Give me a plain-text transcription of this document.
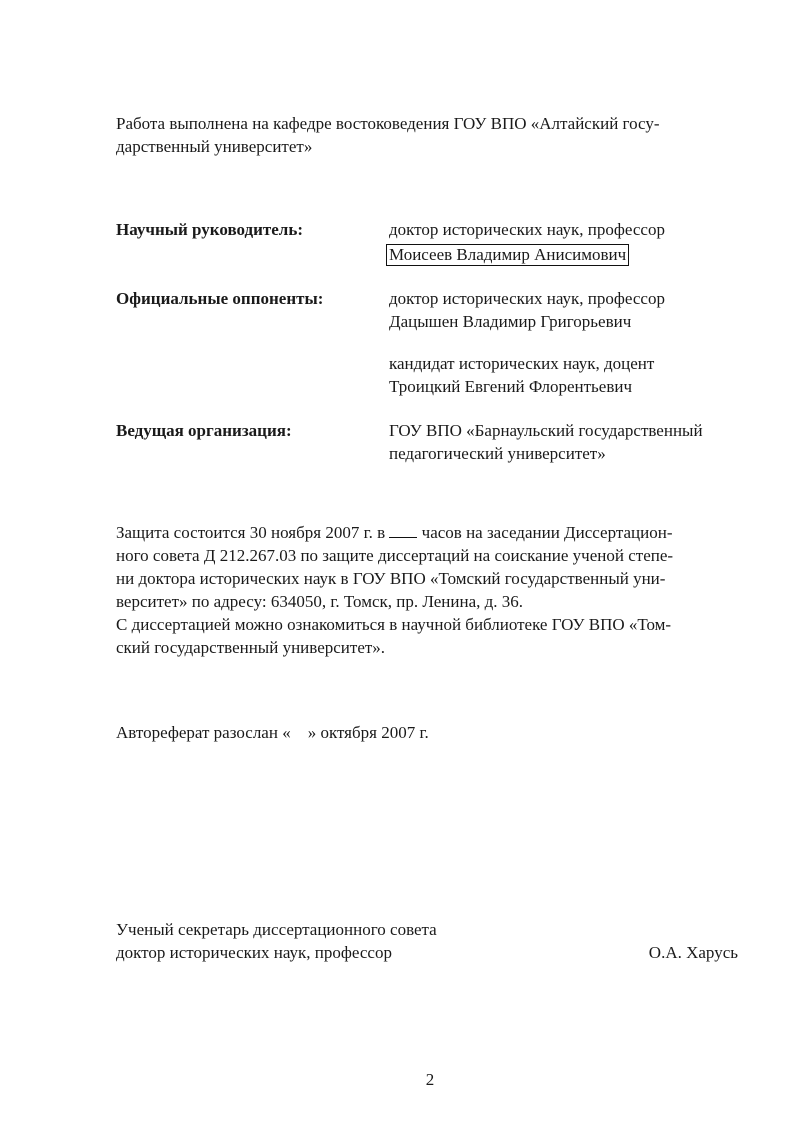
Работа выполнена на кафедре востоковедения ГОУ ВПО «Алтайский госу-
дарственный университет»
Научный руководитель:	доктор исторических наук, профессор
Моисеев Владимир Анисимович
Официальные оппоненты:	доктор исторических наук, профессор
Дацышен Владимир Григорьевич
кандидат исторических наук, доцент
Троицкий Евгений Флорентьевич
Ведущая организация:	ГОУ ВПО «Барнаульский государственный
педагогический университет»
Защита состоится 30 ноября 2007 г. в часов на заседании Диссертацион-
ного совета Д 212.267.03 по защите диссертаций на соискание ученой степе-
ни доктора исторических наук в ГОУ ВПО «Томский государственный уни-
верситет» по адресу: 634050, г. Томск, пр. Ленина, д. 36.
С диссертацией можно ознакомиться в научной библиотеке ГОУ ВПО «Том-
ский государственный университет».
Автореферат разослан «    » октября 2007 г.
Ученый секретарь диссертационного совета
доктор исторических наук, профессор	О.А. Харусь
2
